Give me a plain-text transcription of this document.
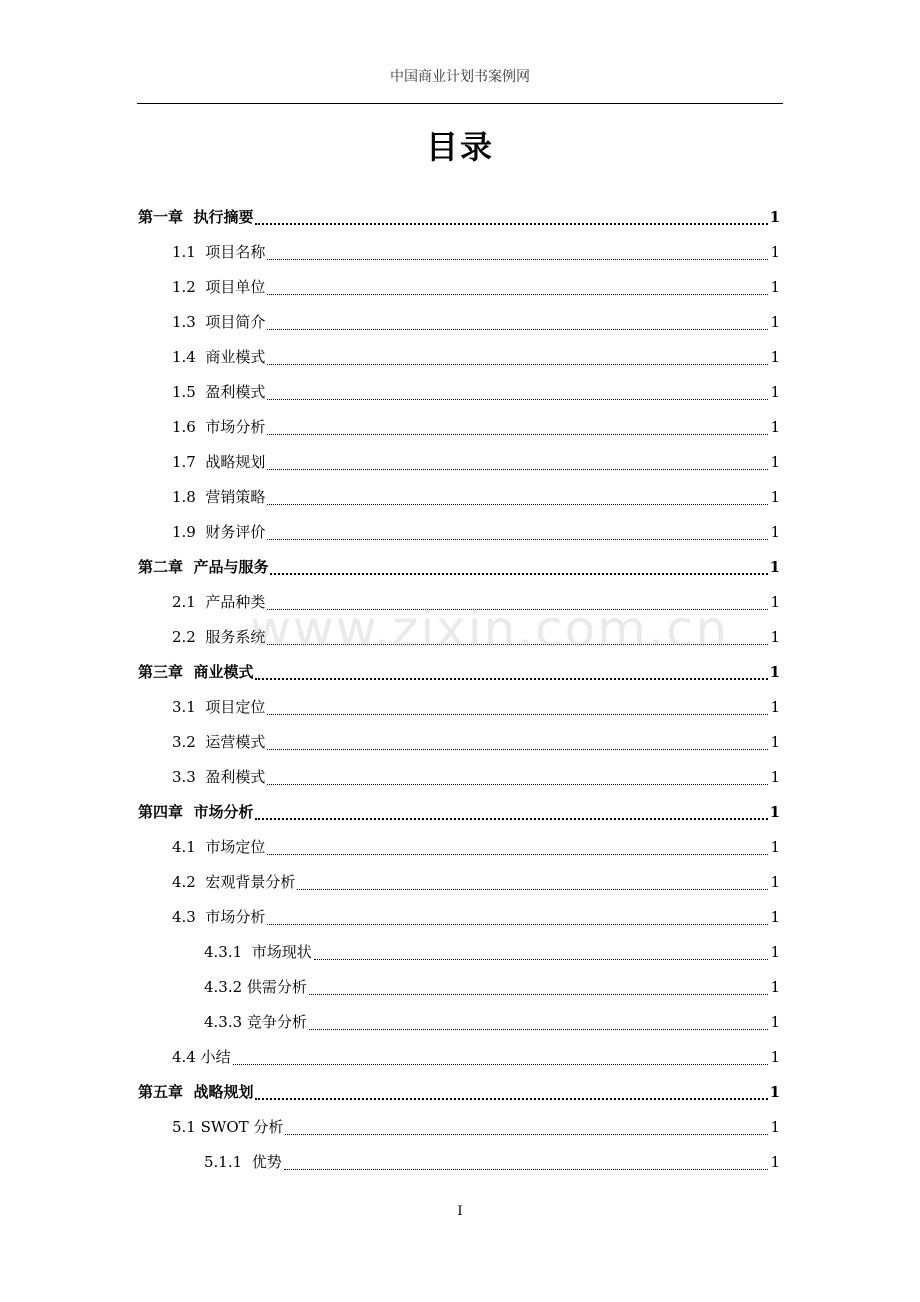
中国商业计划书案例网
目录
第一章  执行摘要	1
1.1  项目名称	1
1.2  项目单位	1
1.3  项目简介	1
1.4  商业模式	1
1.5  盈利模式	1
1.6  市场分析	1
1.7  战略规划	1
1.8  营销策略	1
1.9  财务评价	1
第二章  产品与服务	1
2.1  产品种类	1
2.2  服务系统	1
第三章  商业模式	1
3.1  项目定位	1
3.2  运营模式	1
3.3  盈利模式	1
第四章  市场分析	1
4.1  市场定位	1
4.2  宏观背景分析	1
4.3  市场分析	1
4.3.1  市场现状	1
4.3.2 供需分析	1
4.3.3 竞争分析	1
4.4 小结	1
第五章  战略规划	1
5.1 SWOT 分析	1
5.1.1  优势	1
www.zixin.com.cn
I
